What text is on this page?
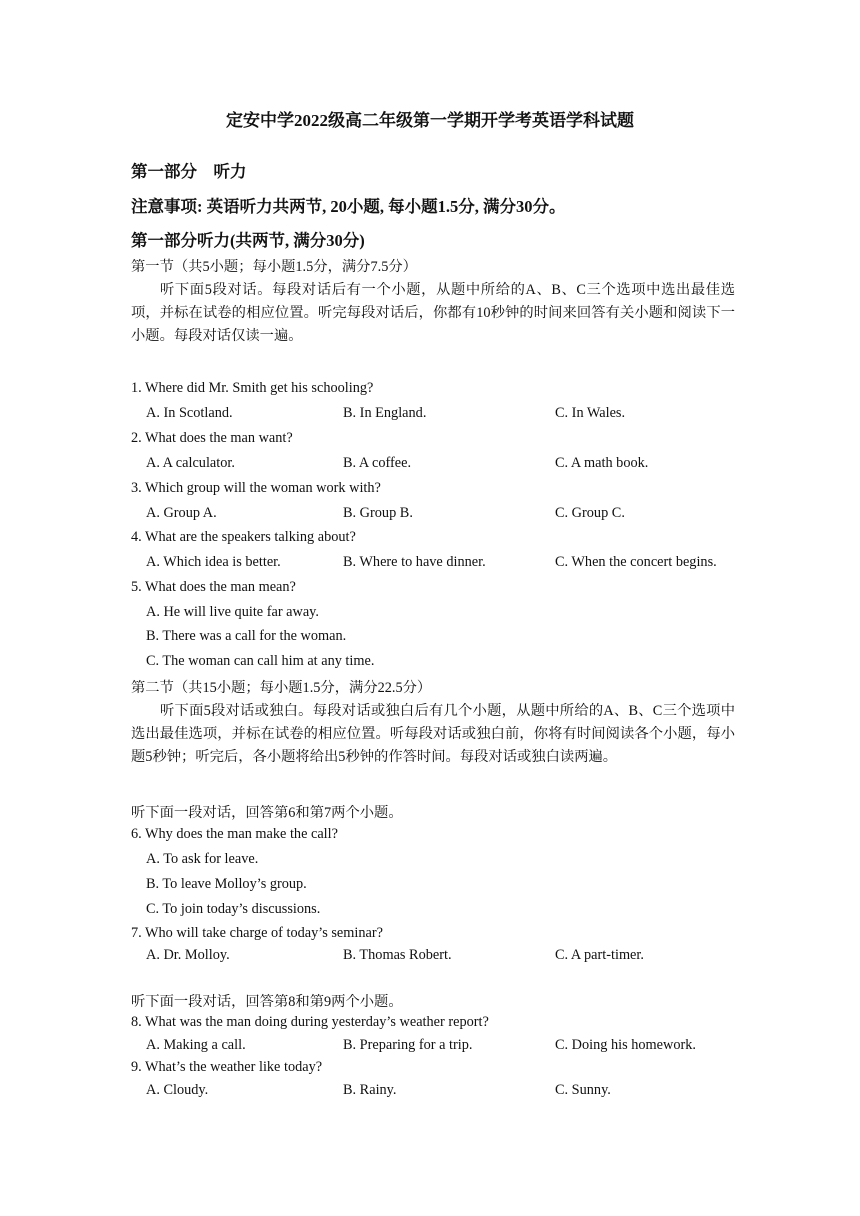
定安中学2022级高二年级第一学期开学考英语学科试题
第一部分　听力
注意事项: 英语听力共两节, 20小题, 每小题1.5分, 满分30分。
第一部分听力(共两节, 满分30分)
第一节（共5小题；每小题1.5分，满分7.5分）
听下面5段对话。每段对话后有一个小题，从题中所给的A、B、C三个选项中选出最佳选项，并标在试卷的相应位置。听完每段对话后，你都有10秒钟的时间来回答有关小题和阅读下一小题。每段对话仅读一遍。
1. Where did Mr. Smith get his schooling?
A. In Scotland.	B. In England.	C. In Wales.
2. What does the man want?
A. A calculator.	B. A coffee.	C. A math book.
3. Which group will the woman work with?
A. Group A.	B. Group B.	C. Group C.
4. What are the speakers talking about?
A. Which idea is better.	B. Where to have dinner.	C. When the concert begins.
5. What does the man mean?
A. He will live quite far away.
B. There was a call for the woman.
C. The woman can call him at any time.
第二节（共15小题；每小题1.5分，满分22.5分）
听下面5段对话或独白。每段对话或独白后有几个小题，从题中所给的A、B、C三个选项中选出最佳选项，并标在试卷的相应位置。听每段对话或独白前，你将有时间阅读各个小题，每小题5秒钟；听完后，各小题将给出5秒钟的作答时间。每段对话或独白读两遍。
听下面一段对话，回答第6和第7两个小题。
6. Why does the man make the call?
A. To ask for leave.
B. To leave Molloy’s group.
C. To join today’s discussions.
7. Who will take charge of today’s seminar?
A. Dr. Molloy.	B. Thomas Robert.	C. A part-timer.
听下面一段对话，回答第8和第9两个小题。
8. What was the man doing during yesterday’s weather report?
A. Making a call.	B. Preparing for a trip.	C. Doing his homework.
9. What’s the weather like today?
A. Cloudy.	B. Rainy.	C. Sunny.
